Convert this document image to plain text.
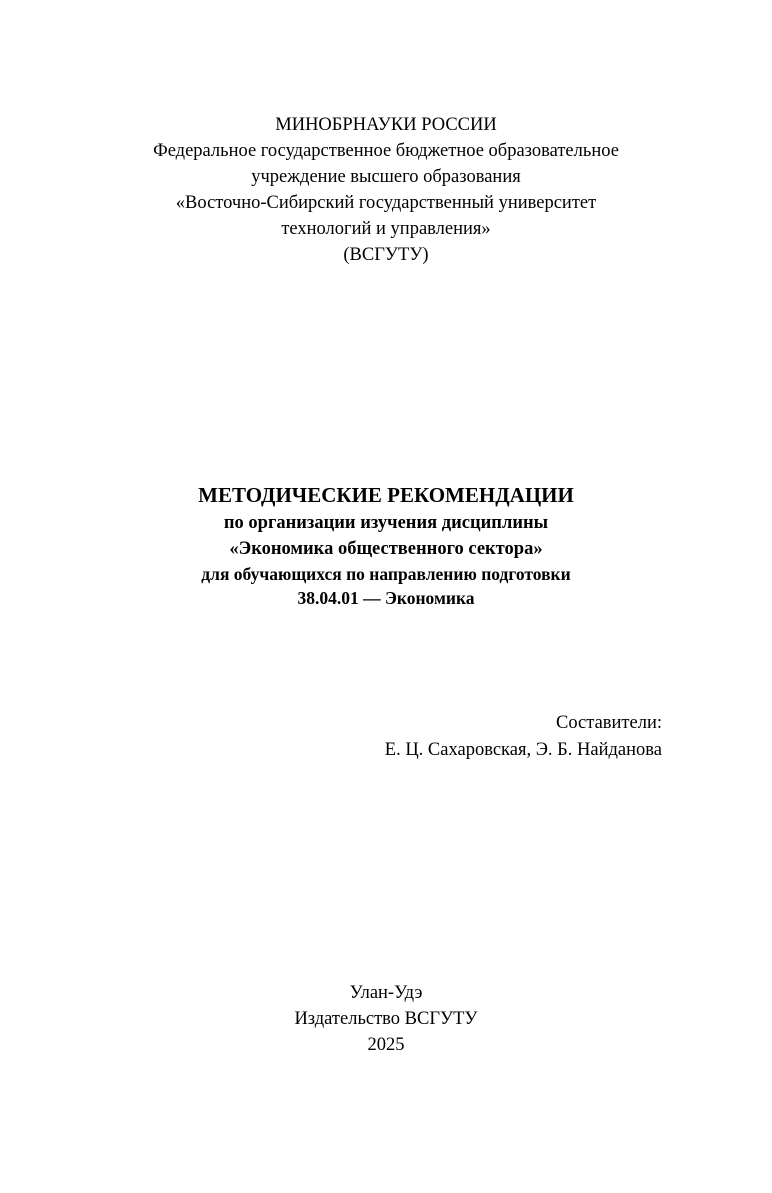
МИНОБРНАУКИ РОССИИ
Федеральное государственное бюджетное образовательное
учреждение высшего образования
«Восточно-Сибирский государственный университет
технологий и управления»
(ВСГУТУ)
МЕТОДИЧЕСКИЕ РЕКОМЕНДАЦИИ
по организации изучения дисциплины
«Экономика общественного сектора»
для обучающихся по направлению подготовки
38.04.01 — Экономика
Составители:
Е. Ц. Сахаровская, Э. Б. Найданова
Улан-Удэ
Издательство ВСГУТУ
2025
